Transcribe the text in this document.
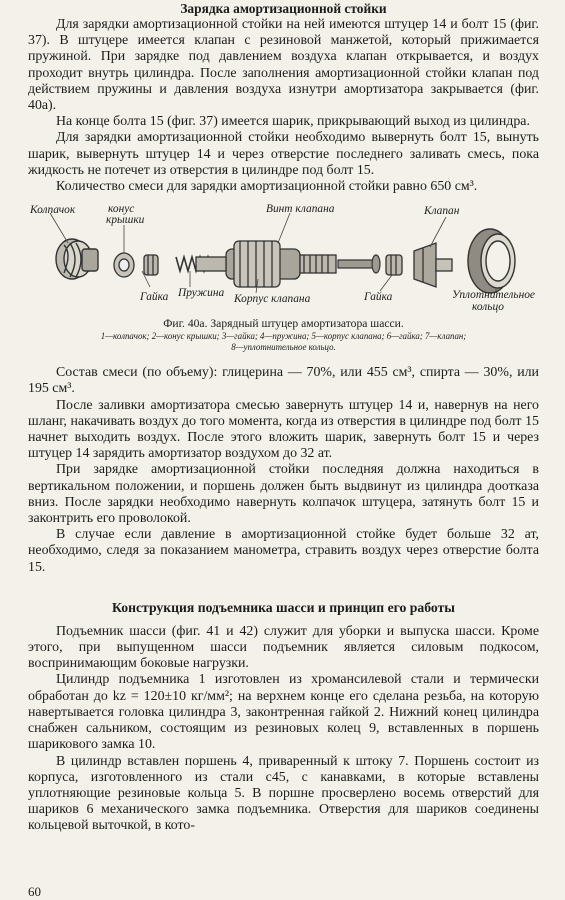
Зарядка амортизационной стойки

Для зарядки амортизационной стойки на ней имеются штуцер 14 и болт 15 (фиг. 37). В штуцере имеется клапан с резиновой манжетой, который прижимается пружиной. При зарядке под давлением воздуха клапан открывается, и воздух проходит внутрь цилиндра. После заполнения амортизационной стойки клапан под действием пружины и давления воздуха изнутри амортизатора закрывается (фиг. 40а).

На конце болта 15 (фиг. 37) имеется шарик, прикрывающий выход из цилиндра.

Для зарядки амортизационной стойки необходимо вывернуть болт 15, вынуть шарик, вывернуть штуцер 14 и через отверстие последнего заливать смесь, пока жидкость не потечет из отверстия в цилиндре под болт 15.

Количество смеси для зарядки амортизационной стойки равно 650 см³.

Колпачок	конус
крышки
Гайка Пружина
Винт клапана
Корпус клапана	Гайка
Клапан
Уплотнительное
кольцо
Фиг. 40а. Зарядный штуцер амортизатора шасси.
1—колпачок; 2—конус крышки; 3—гайка; 4—пружина; 5—корпус клапана; 6—гайка; 7—клапан;
8—уплотнительное кольцо.

Состав смеси (по объему): глицерина — 70%, или 455 см³, спирта — 30%, или 195 см³.

После заливки амортизатора смесью завернуть штуцер 14 и, навернув на него шланг, накачивать воздух до того момента, когда из отверстия в цилиндре под болт 15 начнет выходить воздух. После этого вложить шарик, завернуть болт 15 и через штуцер 14 зарядить амортизатор воздухом до 32 ат.

При зарядке амортизационной стойки последняя должна находиться в вертикальном положении, и поршень должен быть выдвинут из цилиндра доотказа вниз. После зарядки необходимо навернуть колпачок штуцера, затянуть болт 15 и законтрить его проволокой.

В случае если давление в амортизационной стойке будет больше 32 ат, необходимо, следя за показанием манометра, стравить воздух через отверстие болта 15.

Конструкция подъемника шасси и принцип его работы

Подъемник шасси (фиг. 41 и 42) служит для уборки и выпуска шасси. Кроме этого, при выпущенном шасси подъемник является силовым подкосом, воспринимающим боковые нагрузки.

Цилиндр подъемника 1 изготовлен из хромансилевой стали и термически обработан до kz = 120±10 кг/мм²; на верхнем конце его сделана резьба, на которую навертывается головка цилиндра 3, законтренная гайкой 2. Нижний конец цилиндра снабжен сальником, состоящим из резиновых колец 9, вставленных в поршень шарикового замка 10.

В цилиндр вставлен поршень 4, приваренный к штоку 7. Поршень состоит из корпуса, изготовленного из стали с45, с канавками, в которые вставлены уплотняющие резиновые кольца 5. В поршне просверлено восемь отверстий для шариков 6 механического замка подъемника. Отверстия для шариков соединены кольцевой выточкой, в кото-

60
